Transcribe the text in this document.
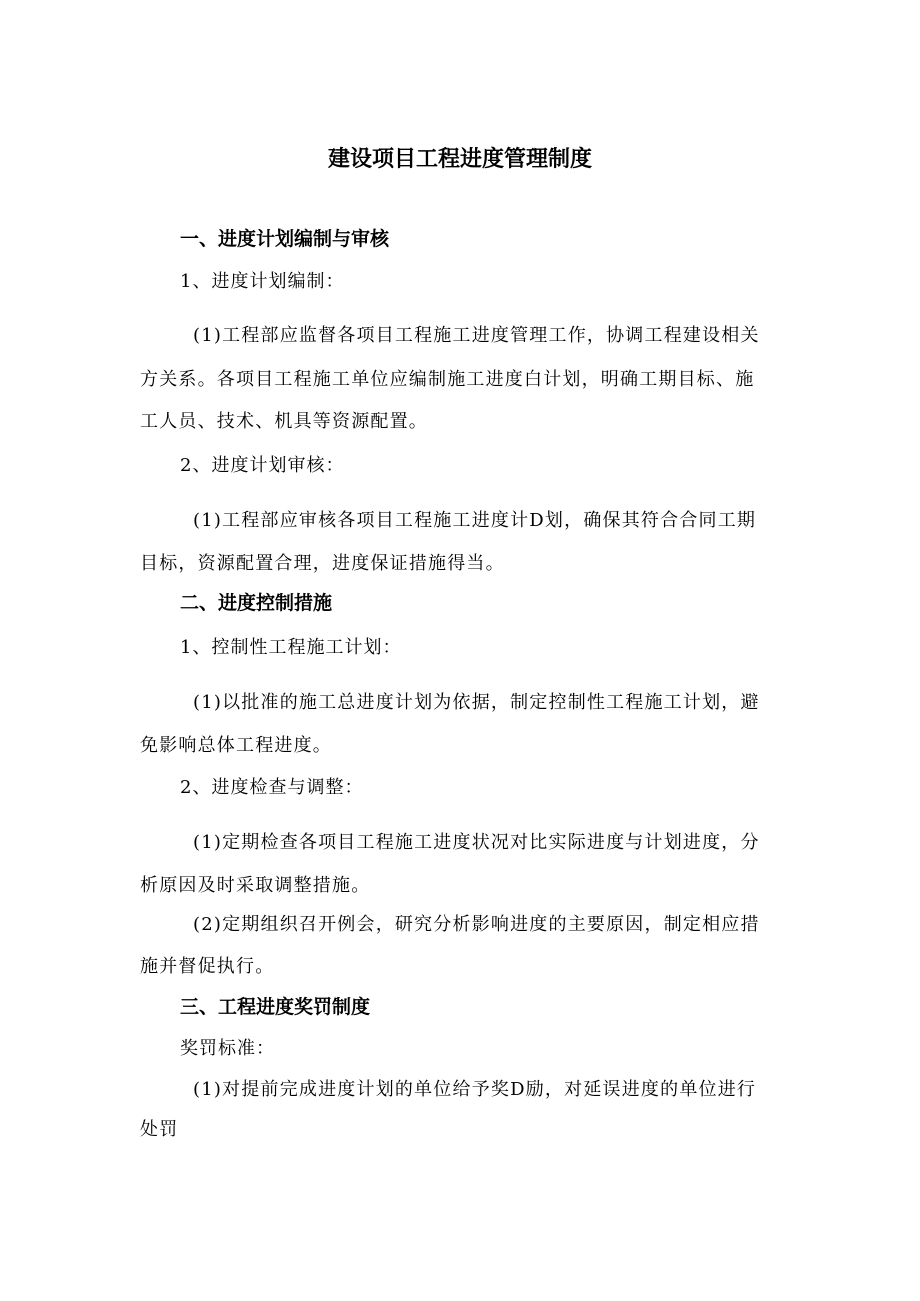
建设项目工程进度管理制度
一、进度计划编制与审核

1、进度计划编制：

(1)工程部应监督各项目工程施工进度管理工作，协调工程建设相关

方关系。各项目工程施工单位应编制施工进度白计划，明确工期目标、施

工人员、技术、机具等资源配置。

2、进度计划审核：

(1)工程部应审核各项目工程施工进度计D划，确保其符合合同工期

目标，资源配置合理，进度保证措施得当。

二、进度控制措施

1、控制性工程施工计划：

(1)以批准的施工总进度计划为依据，制定控制性工程施工计划，避

免影响总体工程进度。

2、进度检查与调整：

(1)定期检查各项目工程施工进度状况对比实际进度与计划进度，分

析原因及时采取调整措施。

(2)定期组织召开例会，研究分析影响进度的主要原因，制定相应措

施并督促执行。

三、工程进度奖罚制度

奖罚标准：

(1)对提前完成进度计划的单位给予奖D励，对延误进度的单位进行

处罚
